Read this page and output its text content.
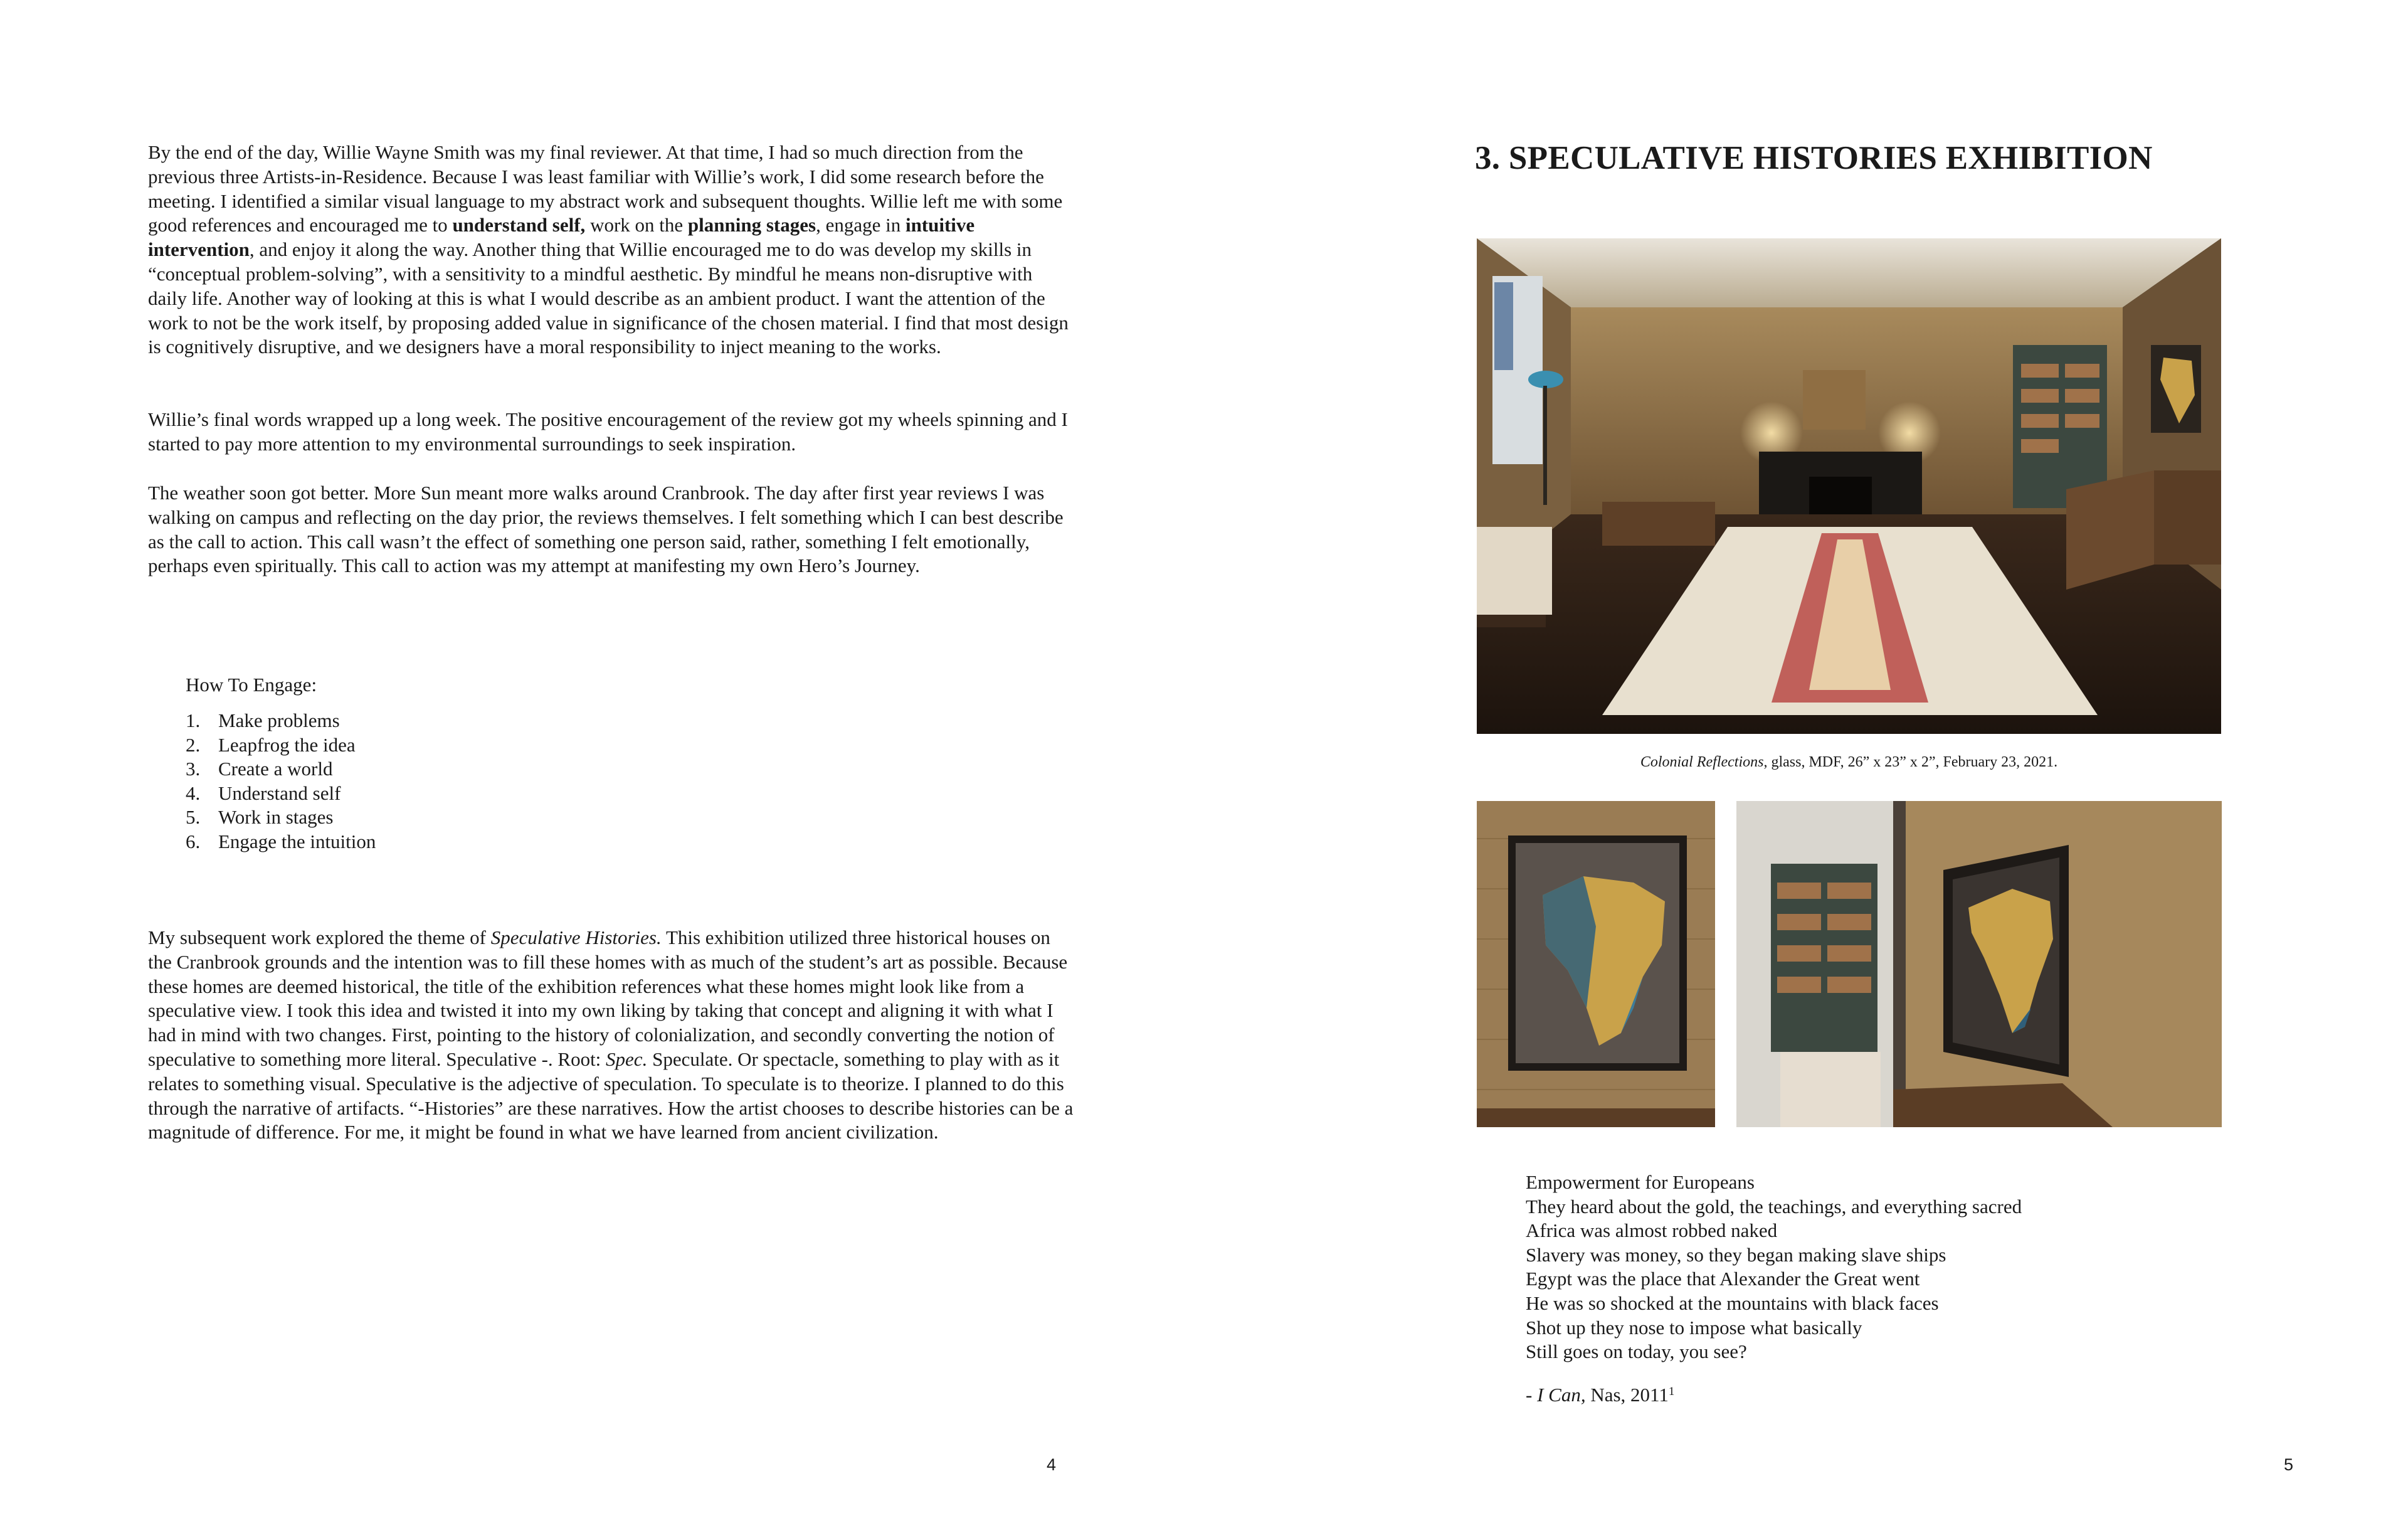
By the end of the day, Willie Wayne Smith was my final reviewer. At that time, I had so much direction from the previous three Artists-in-Residence. Because I was least familiar with Willie’s work, I did some research before the meeting. I identified a similar visual language to my abstract work and subsequent thoughts. Willie left me with some good references and encouraged me to understand self, work on the planning stages, engage in intuitive intervention, and enjoy it along the way. Another thing that Willie encouraged me to do was develop my skills in “conceptual problem-solving”, with a sensitivity to a mindful aesthetic. By mindful he means non-disruptive with daily life. Another way of looking at this is what I would describe as an ambient product. I want the attention of the work to not be the work itself, by proposing added value in significance of the chosen material. I find that most design is cognitively disruptive, and we designers have a moral responsibility to inject meaning to the works.

Willie’s final words wrapped up a long week. The positive encouragement of the review got my wheels spinning and I started to pay more attention to my environmental surroundings to seek inspiration.

The weather soon got better. More Sun meant more walks around Cranbrook. The day after first year reviews I was walking on campus and reflecting on the day prior, the reviews themselves. I felt something which I can best describe as the call to action. This call wasn’t the effect of something one person said, rather, something I felt emotionally, perhaps even spiritually. This call to action was my attempt at manifesting my own Hero’s Journey.

How To Engage:

1. Make problems
2. Leapfrog the idea
3. Create a world
4. Understand self
5. Work in stages
6. Engage the intuition

My subsequent work explored the theme of Speculative Histories. This exhibition utilized three historical houses on the Cranbrook grounds and the intention was to fill these homes with as much of the student’s art as possible. Because these homes are deemed historical, the title of the exhibition references what these homes might look like from a speculative view. I took this idea and twisted it into my own liking by taking that concept and aligning it with what I had in mind with two changes. First, pointing to the history of colonialization, and secondly converting the notion of speculative to something more literal. Speculative -. Root: Spec. Speculate. Or spectacle, something to play with as it relates to something visual. Speculative is the adjective of speculation. To speculate is to theorize. I planned to do this through the narrative of artifacts. “-Histories” are these narratives. How the artist chooses to describe histories can be a magnitude of difference. For me, it might be found in what we have learned from ancient civilization.

4
3. SPECULATIVE HISTORIES EXHIBITION

Colonial Reflections, glass, MDF, 26” x 23” x 2”, February 23, 2021.

Empowerment for Europeans
They heard about the gold, the teachings, and everything sacred
Africa was almost robbed naked
Slavery was money, so they began making slave ships
Egypt was the place that Alexander the Great went
He was so shocked at the mountains with black faces
Shot up they nose to impose what basically
Still goes on today, you see?

- I Can, Nas, 2011$^1$

5
